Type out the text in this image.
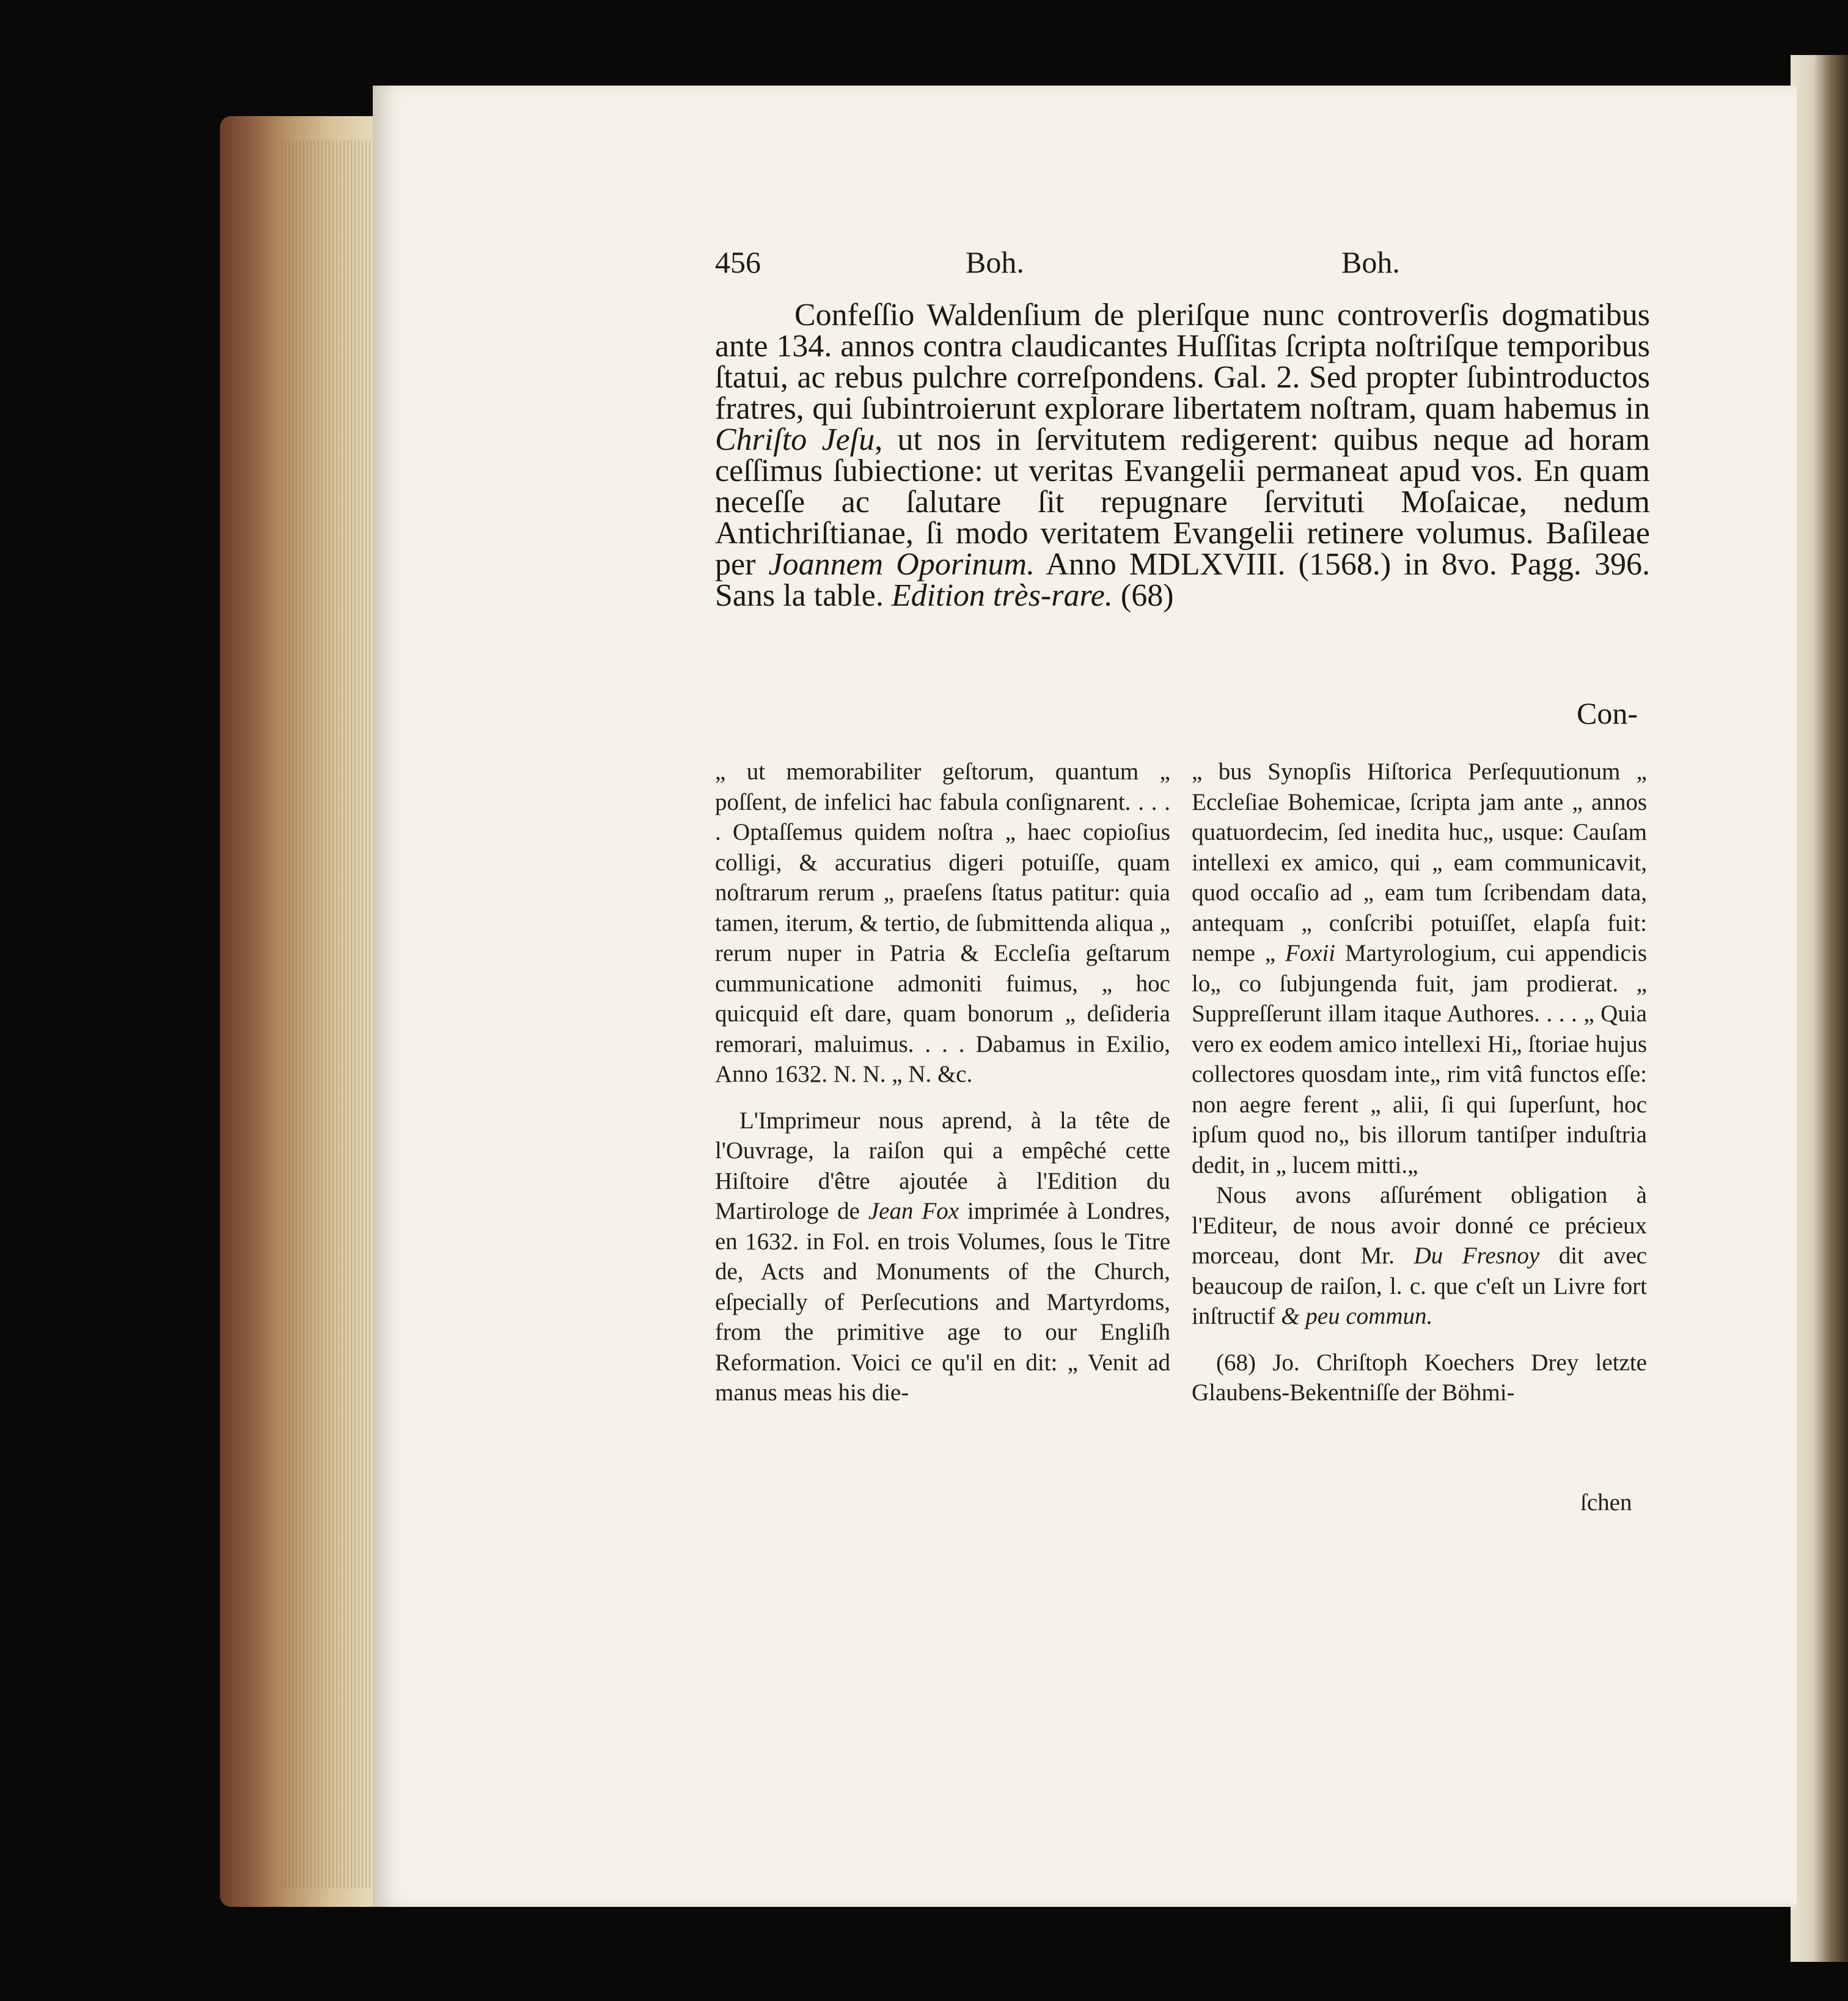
456	Boh.	Boh.
Confeſſio Waldenſium de pleriſque nunc controverſis dogmatibus ante 134. annos contra claudicantes Huſſitas ſcripta noſtriſque temporibus ſtatui, ac rebus pulchre correſpondens. Gal. 2. Sed propter ſubintroductos fratres, qui ſubintroierunt explorare libertatem noſtram, quam habemus in Chriſto Jeſu, ut nos in ſervitutem redigerent: quibus neque ad horam ceſſimus ſubiectione: ut veritas Evangelii permaneat apud vos. En quam neceſſe ac ſalutare ſit repugnare ſervituti Moſaicae, nedum Antichriſtianae, ſi modo veritatem Evangelii retinere volumus. Baſileae per Joannem Oporinum. Anno MDLXVIII. (1568.) in 8vo. Pagg. 396. Sans la table. Edition très-rare. (68)
Con-

„ ut memorabiliter geſtorum, quantum „ poſſent, de infelici hac fabula conſignarent. . . . . Optaſſemus quidem noſtra „ haec copioſius colligi, & accuratius digeri potuiſſe, quam noſtrarum rerum „ praeſens ſtatus patitur: quia tamen, iterum, & tertio, de ſubmittenda aliqua „ rerum nuper in Patria & Eccleſia geſtarum cummunicatione admoniti fuimus, „ hoc quicquid eſt dare, quam bonorum „ deſideria remorari, maluimus. . . . Dabamus in Exilio, Anno 1632. N. N. „ N. &c.

L'Imprimeur nous aprend, à la tête de l'Ouvrage, la raiſon qui a empêché cette Hiſtoire d'être ajoutée à l'Edition du Martirologe de Jean Fox imprimée à Londres, en 1632. in Fol. en trois Volumes, ſous le Titre de, Acts and Monuments of the Church, eſpecially of Perſecutions and Martyrdoms, from the primitive age to our Engliſh Reformation. Voici ce qu'il en dit: „ Venit ad manus meas his die-

„ bus Synopſis Hiſtorica Perſequutionum „ Eccleſiae Bohemicae, ſcripta jam ante „ annos quatuordecim, ſed inedita huc„ usque: Cauſam intellexi ex amico, qui „ eam communicavit, quod occaſio ad „ eam tum ſcribendam data, antequam „ conſcribi potuiſſet, elapſa fuit: nempe „ Foxii Martyrologium, cui appendicis lo„ co ſubjungenda fuit, jam prodierat. „ Suppreſſerunt illam itaque Authores. . . . „ Quia vero ex eodem amico intellexi Hi„ ſtoriae hujus collectores quosdam inte„ rim vitâ functos eſſe: non aegre ferent „ alii, ſi qui ſuperſunt, hoc ipſum quod no„ bis illorum tantiſper induſtria dedit, in „ lucem mitti.„

Nous avons aſſurément obligation à l'Editeur, de nous avoir donné ce précieux morceau, dont Mr. Du Fresnoy dit avec beaucoup de raiſon, l. c. que c'eſt un Livre fort inſtructif & peu commun.

(68) Jo. Chriſtoph Koechers Drey letzte Glaubens-Bekentniſſe der Böhmi-

ſchen
